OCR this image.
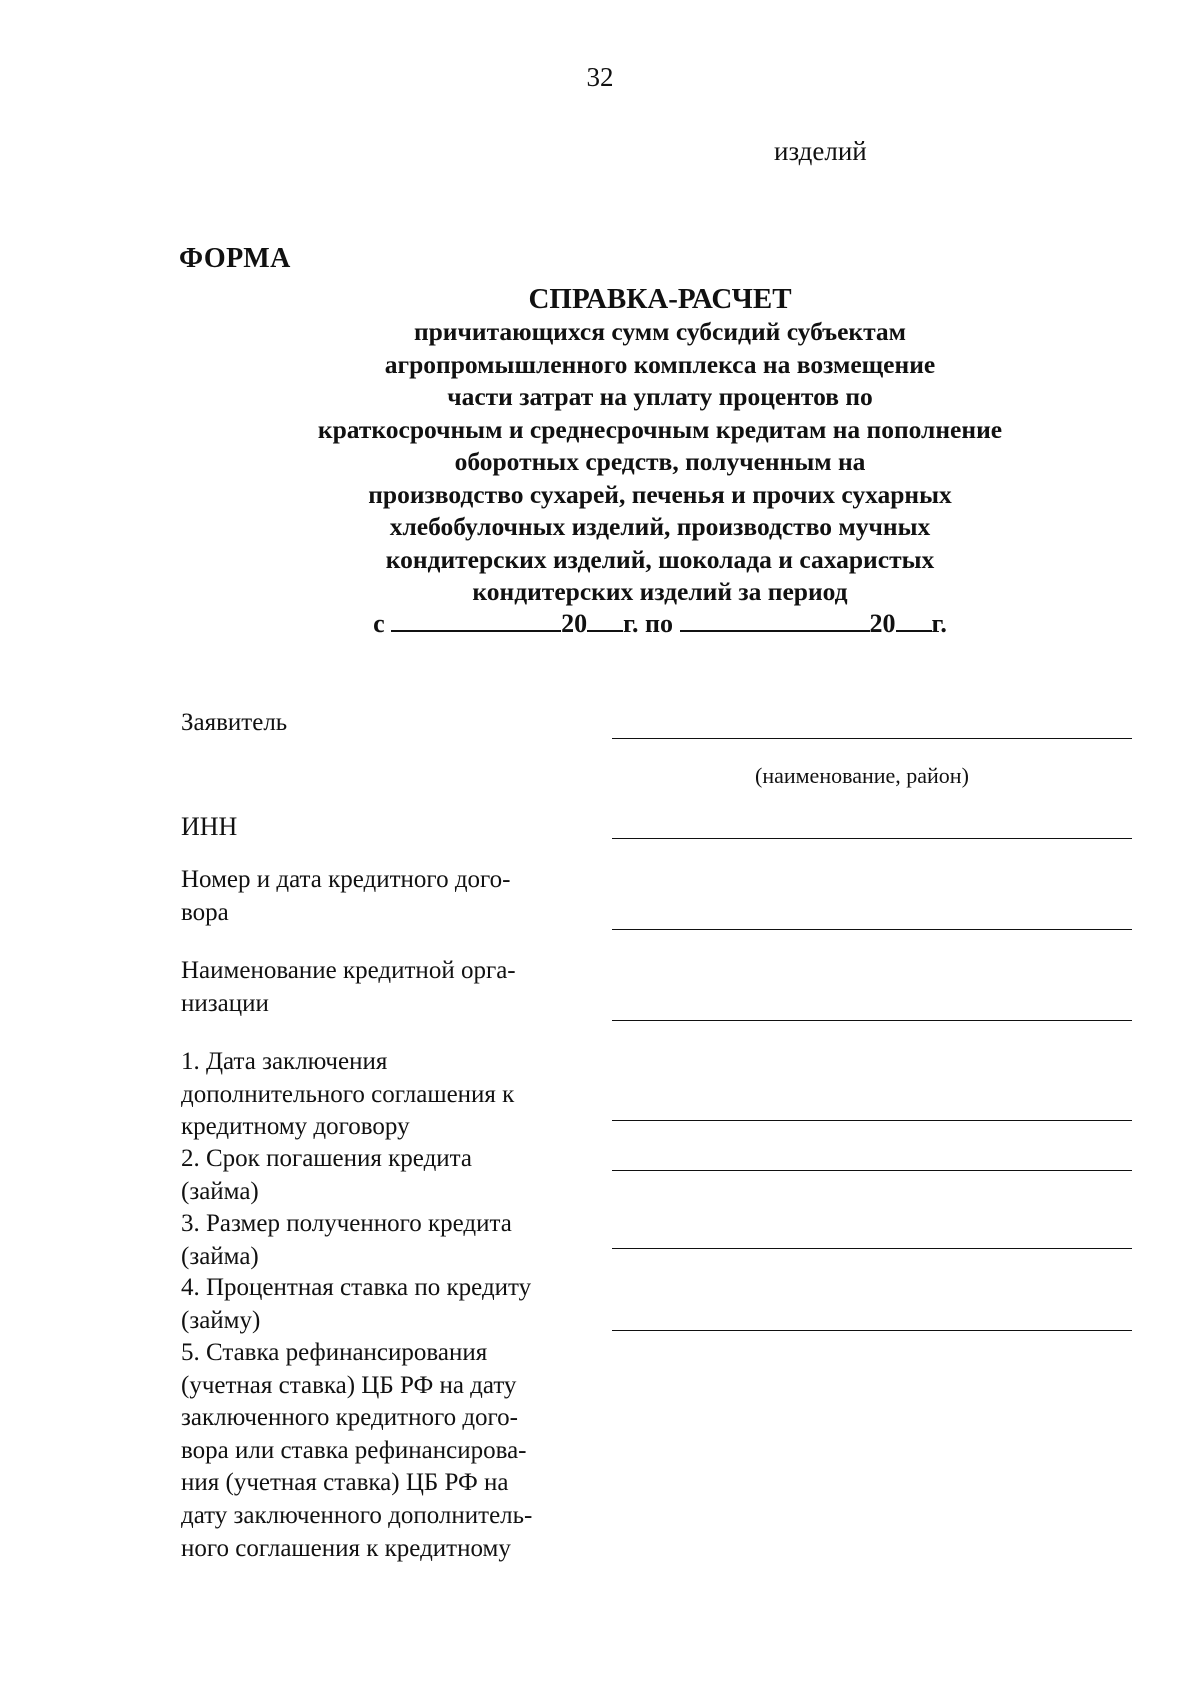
32
изделий
ФОРМА
СПРАВКА-РАСЧЕТ
причитающихся сумм субсидий субъектам
агропромышленного комплекса на возмещение
части затрат на уплату процентов по
краткосрочным и среднесрочным кредитам на пополнение
оборотных средств, полученным на
производство сухарей, печенья и прочих сухарных
хлебобулочных изделий, производство мучных
кондитерских изделий, шоколада и сахаристых
кондитерских изделий за период
с	20 г. по	20 г.
Заявитель
(наименование, район)
ИНН
Номер и дата кредитного дого-
вора
Наименование кредитной орга-
низации
1. Дата заключения
дополнительного соглашения к
кредитному договору
2. Срок погашения кредита
(займа)
3. Размер полученного кредита
(займа)
4. Процентная ставка по кредиту
(займу)
5. Ставка рефинансирования
(учетная ставка) ЦБ РФ на дату
заключенного кредитного дого-
вора или ставка рефинансирова-
ния (учетная ставка) ЦБ РФ на
дату заключенного дополнитель-
ного соглашения к кредитному
